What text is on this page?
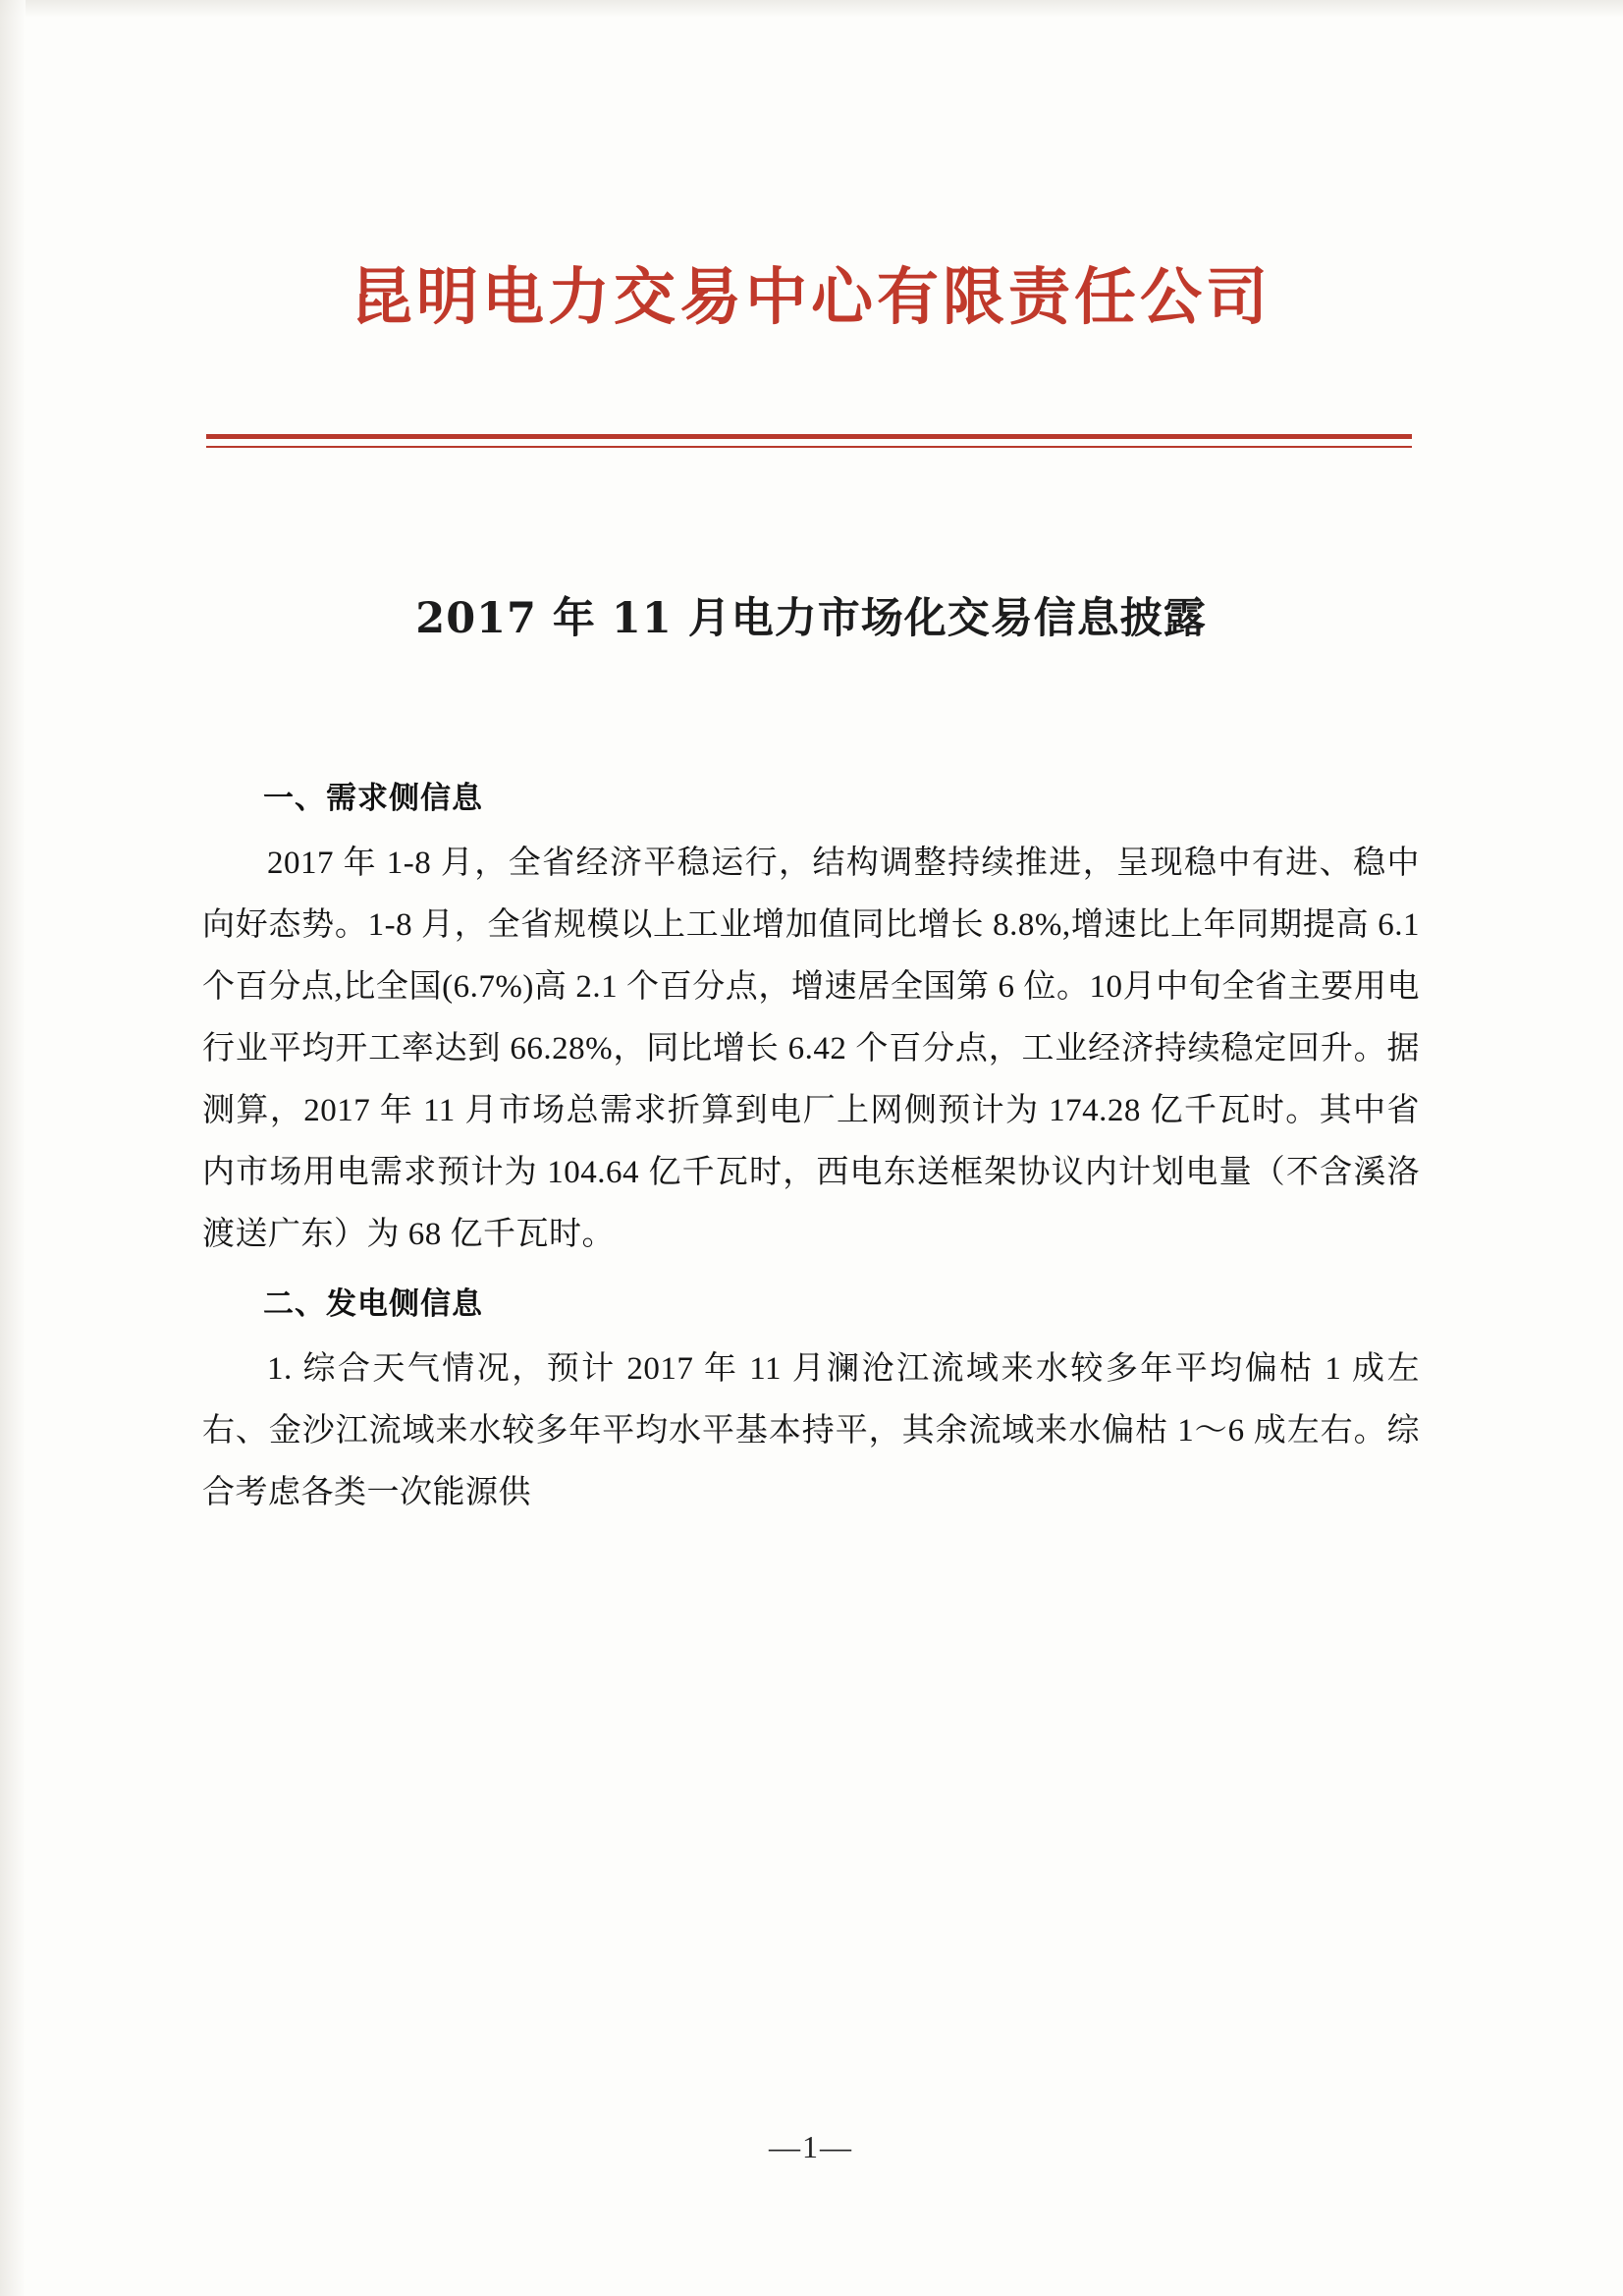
昆明电力交易中心有限责任公司
2017 年 11 月电力市场化交易信息披露
一、需求侧信息

2017 年 1-8 月，全省经济平稳运行，结构调整持续推进，呈现稳中有进、稳中向好态势。1-8 月，全省规模以上工业增加值同比增长 8.8%,增速比上年同期提高 6.1 个百分点,比全国(6.7%)高 2.1 个百分点，增速居全国第 6 位。10月中旬全省主要用电行业平均开工率达到 66.28%，同比增长 6.42 个百分点，工业经济持续稳定回升。据测算，2017 年 11 月市场总需求折算到电厂上网侧预计为 174.28 亿千瓦时。其中省内市场用电需求预计为 104.64 亿千瓦时，西电东送框架协议内计划电量（不含溪洛渡送广东）为 68 亿千瓦时。

二、发电侧信息

1. 综合天气情况，预计 2017 年 11 月澜沧江流域来水较多年平均偏枯 1 成左右、金沙江流域来水较多年平均水平基本持平，其余流域来水偏枯 1～6 成左右。综合考虑各类一次能源供

—1—
